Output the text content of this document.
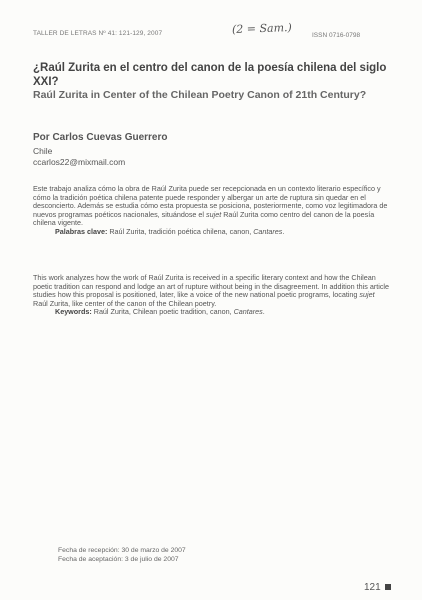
TALLER DE LETRAS Nº 41: 121-129, 2007	(2 = Sam.)	ISSN 0716-0798
¿Raúl Zurita en el centro del canon de la poesía chilena del siglo XXI?
Raúl Zurita in Center of the Chilean Poetry Canon of 21th Century?
Por Carlos Cuevas Guerrero
Chile
ccarlos22@mixmail.com
Este trabajo analiza cómo la obra de Raúl Zurita puede ser recepcionada en un contexto literario específico y cómo la tradición poética chilena patente puede responder y albergar un arte de ruptura sin quedar en el desconcierto. Además se estudia cómo esta propuesta se posiciona, posteriormente, como voz legitimadora de nuevos programas poéticos nacionales, situándose el sujet Raúl Zurita como centro del canon de la poesía chilena vigente.
Palabras clave: Raúl Zurita, tradición poética chilena, canon, Cantares.
This work analyzes how the work of Raúl Zurita is received in a specific literary context and how the Chilean poetic tradition can respond and lodge an art of rupture without being in the disagreement. In addition this article studies how this proposal is positioned, later, like a voice of the new national poetic programs, locating sujet Raúl Zurita, like center of the canon of the Chilean poetry.
Keywords: Raúl Zurita, Chilean poetic tradition, canon, Cantares.
Fecha de recepción: 30 de marzo de 2007
Fecha de aceptación: 3 de julio de 2007
121
